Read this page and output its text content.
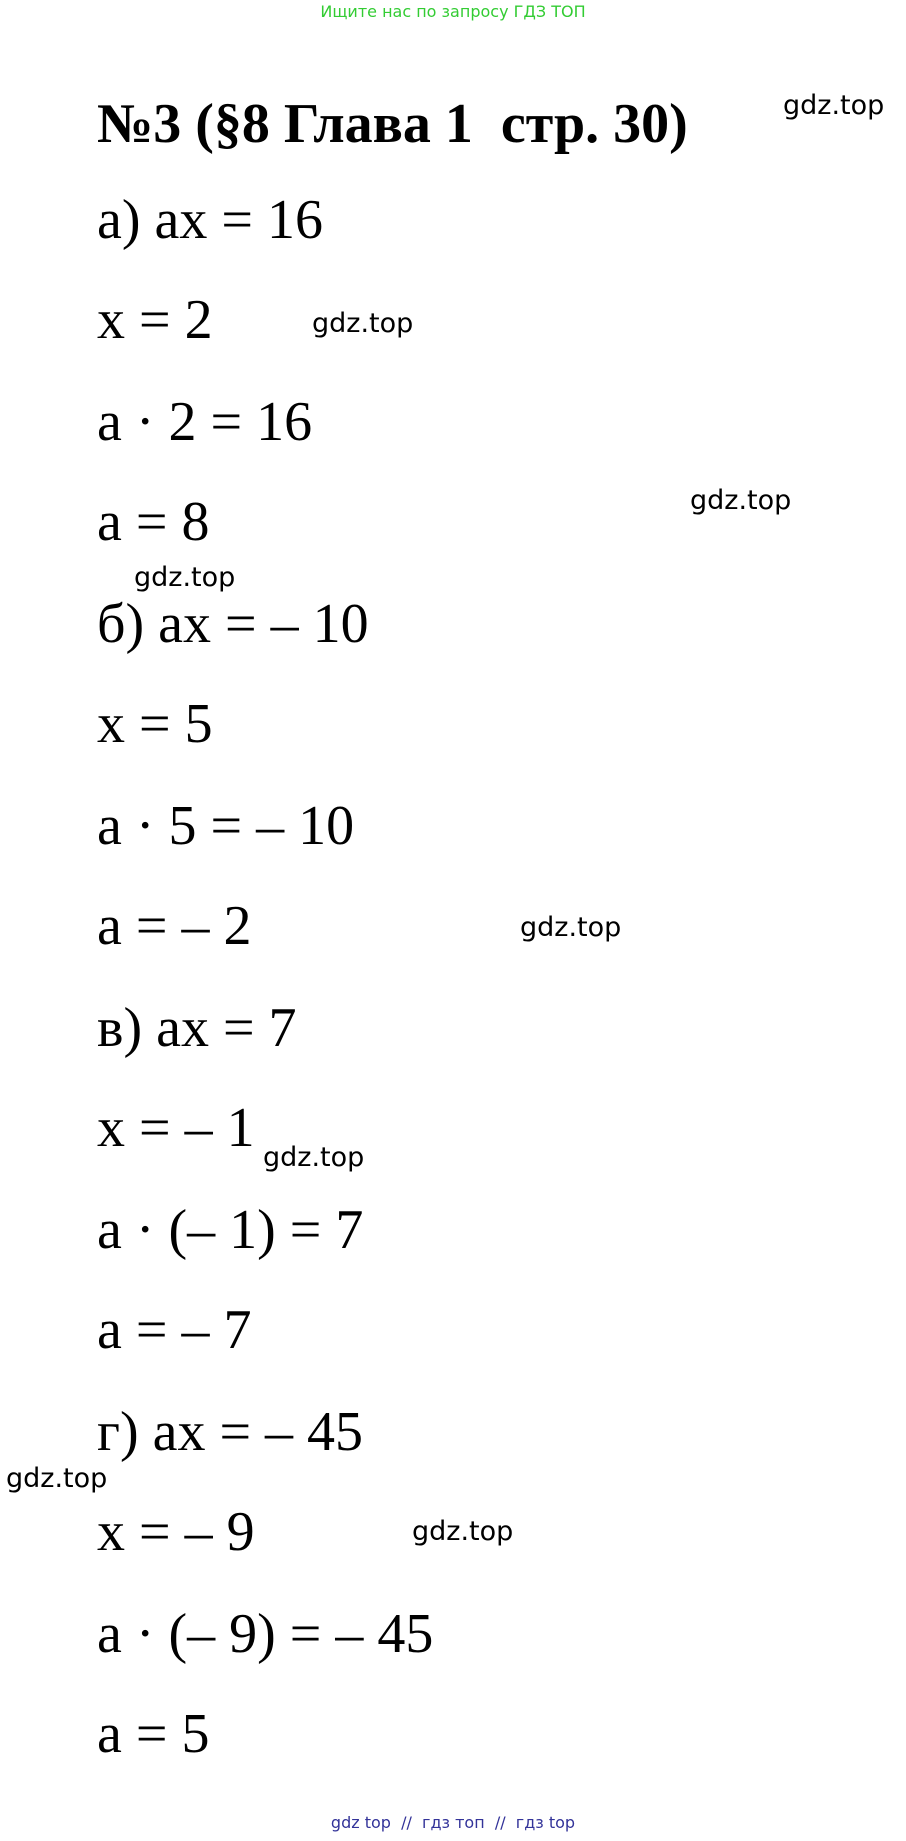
Ищите нас по запросу ГДЗ ТОП
№3 (§8 Глава 1  стр. 30)
а) ах = 16
х = 2
а · 2 = 16
а = 8
б) ах = – 10
х = 5
а · 5 = – 10
а = – 2
в) ах = 7
х = – 1
а · (– 1) = 7
а = – 7
г) ах = – 45
х = – 9
а · (– 9) = – 45
а = 5
gdz.top
gdz.top
gdz.top
gdz.top
gdz.top
gdz.top
gdz.top
gdz.top
gdz top  //  гдз топ  //  гдз top
